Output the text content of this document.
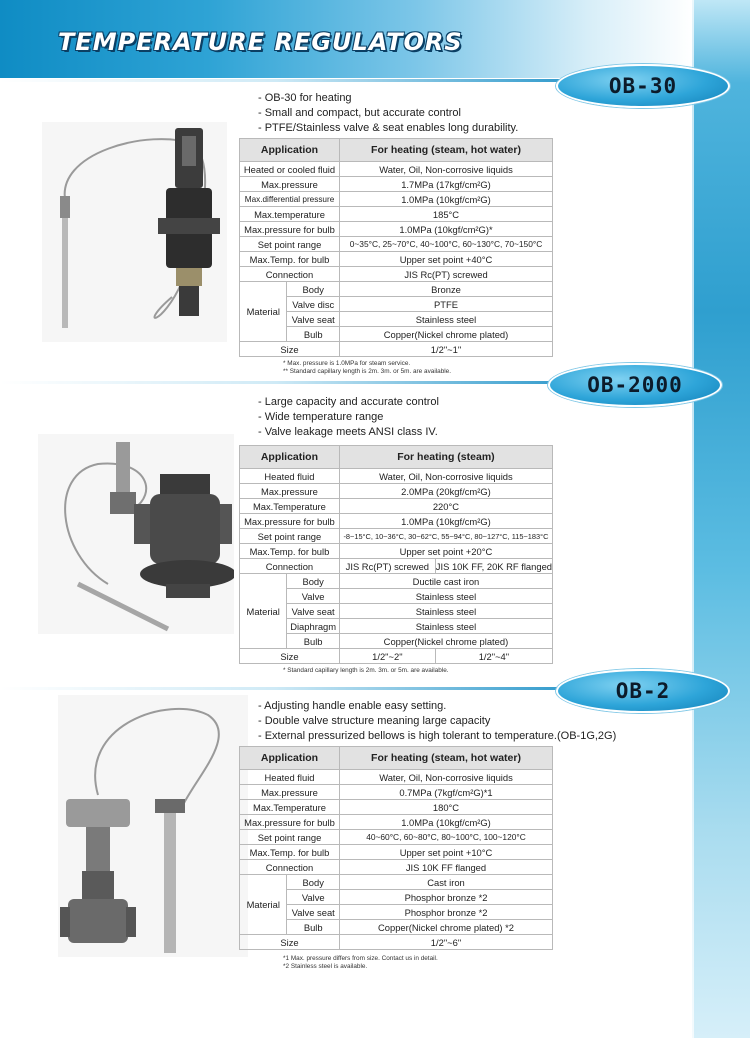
TEMPERATURE REGULATORS
OB-30
- OB-30 for heating
- Small and compact, but accurate control
- PTFE/Stainless valve & seat enables long durability.
Application		For heating (steam, hot water)
Heated or cooled fluid		Water, Oil, Non-corrosive liquids
Max.pressure		1.7MPa (17kgf/cm²G)
Max.differential pressure		1.0MPa (10kgf/cm²G)
Max.temperature		185°C
Max.pressure for bulb		1.0MPa (10kgf/cm²G)*
Set point range		0~35°C, 25~70°C, 40~100°C, 60~130°C, 70~150°C
Max.Temp. for bulb		Upper set point +40°C
Connection		JIS Rc(PT) screwed
Material	Body	Bronze
	Valve disc	PTFE
	Valve seat	Stainless steel
	Bulb	Copper(Nickel chrome plated)
Size		1/2"~1"
* Max. pressure is 1.0MPa for steam service.
** Standard capillary length is 2m. 3m. or 5m. are available.
OB-2000
- Large capacity and accurate control
- Wide temperature range
- Valve leakage meets ANSI class IV.
Application		For heating (steam)	
Heated fluid		Water, Oil, Non-corrosive liquids	
Max.pressure		2.0MPa (20kgf/cm²G)	
Max.Temperature		220°C	
Max.pressure for bulb		1.0MPa (10kgf/cm²G)	
Set point range		-8~15°C, 10~36°C, 30~62°C, 55~94°C, 80~127°C, 115~183°C	
Max.Temp. for bulb		Upper set point +20°C	
Connection		JIS Rc(PT) screwed	JIS 10K FF, 20K RF flanged
Material	Body	Ductile cast iron	
	Valve	Stainless steel	
	Valve seat	Stainless steel	
	Diaphragm	Stainless steel	
	Bulb	Copper(Nickel chrome plated)	
Size		1/2"~2"	1/2"~4"
* Standard capillary length is 2m. 3m. or 5m. are available.
OB-2
- Adjusting handle enable easy setting.
- Double valve structure meaning large capacity
- External pressurized bellows is high tolerant to temperature.(OB-1G,2G)
Application		For heating (steam, hot water)
Heated fluid		Water, Oil, Non-corrosive liquids
Max.pressure		0.7MPa (7kgf/cm²G)*1
Max.Temperature		180°C
Max.pressure for bulb		1.0MPa (10kgf/cm²G)
Set point range		40~60°C, 60~80°C, 80~100°C, 100~120°C
Max.Temp. for bulb		Upper set point +10°C
Connection		JIS 10K FF flanged
Material	Body	Cast iron
	Valve	Phosphor bronze *2
	Valve seat	Phosphor bronze *2
	Bulb	Copper(Nickel chrome plated) *2
Size		1/2"~6"
*1 Max. pressure differs from size. Contact us in detail.
*2 Stainless steel is available.
